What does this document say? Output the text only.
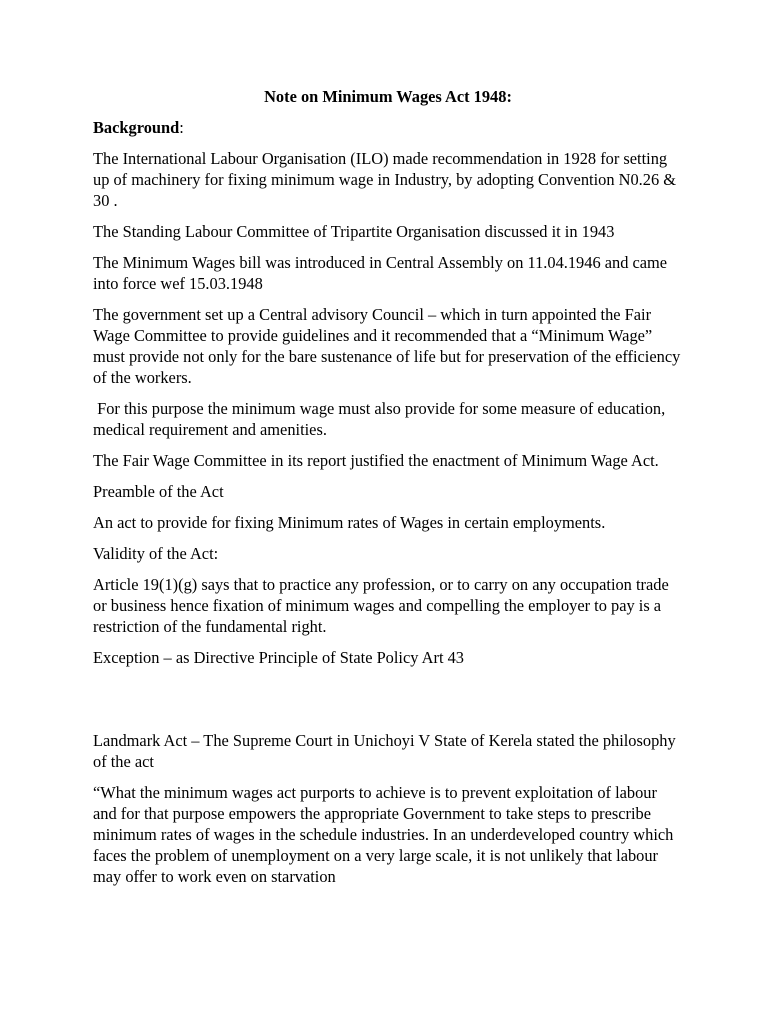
Note on Minimum Wages Act 1948:
Background:
The International Labour Organisation (ILO) made recommendation in 1928 for setting up of machinery for fixing minimum wage in Industry, by adopting Convention N0.26 & 30 .
The Standing Labour Committee of Tripartite Organisation discussed it in 1943
The Minimum Wages bill was introduced in Central Assembly on 11.04.1946 and came into force wef 15.03.1948
The government set up a Central advisory Council – which in turn appointed the Fair Wage Committee to provide guidelines and it recommended that a “Minimum Wage” must provide not only for the bare sustenance of life but for preservation of the efficiency of the workers.
For this purpose the minimum wage must also provide for some measure of education, medical requirement and amenities.
The Fair Wage Committee in its report justified the enactment of Minimum Wage Act.
Preamble of the Act
An act to provide for fixing Minimum rates of Wages in certain employments.
Validity of the Act:
Article 19(1)(g) says that to practice any profession, or to carry on any occupation trade or business hence fixation of minimum wages and compelling the employer to pay is a restriction of the fundamental right.
Exception – as Directive Principle of State Policy Art 43
Landmark Act – The Supreme Court in Unichoyi V State of Kerela stated the philosophy of the act
“What the minimum wages act purports to achieve is to prevent exploitation of labour and for that purpose empowers the appropriate Government to take steps to prescribe minimum rates of wages in the schedule industries. In an underdeveloped country which faces the problem of unemployment on a very large scale, it is not unlikely that labour may offer to work even on starvation
